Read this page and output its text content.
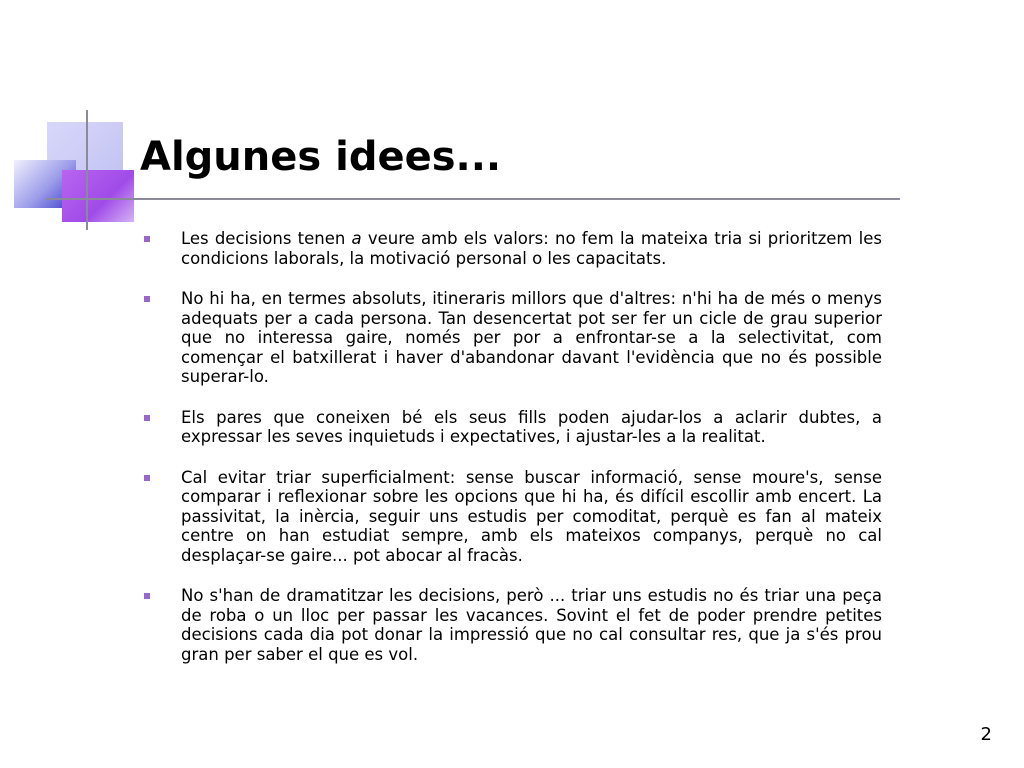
Algunes idees...
Les decisions tenen a veure amb els valors: no fem la mateixa tria si prioritzem les condicions laborals, la motivació personal o les capacitats.
No hi ha, en termes absoluts, itineraris millors que d'altres: n'hi ha de més o menys adequats per a cada persona. Tan desencertat pot ser fer un cicle de grau superior que no interessa gaire, només per por a enfrontar-se a la selectivitat, com començar el batxillerat i haver d'abandonar davant l'evidència que no és possible superar-lo.
Els pares que coneixen bé els seus fills poden ajudar-los a aclarir dubtes, a expressar les seves inquietuds i expectatives, i ajustar-les a la realitat.
Cal evitar triar superficialment: sense buscar informació, sense moure's, sense comparar i reflexionar sobre les opcions que hi ha, és difícil escollir amb encert. La passivitat, la inèrcia, seguir uns estudis per comoditat, perquè es fan al mateix centre on han estudiat sempre, amb els mateixos companys, perquè no cal desplaçar-se gaire... pot abocar al fracàs.
No s'han de dramatitzar les decisions, però ... triar uns estudis no és triar una peça de roba o un lloc per passar les vacances. Sovint el fet de poder prendre petites decisions cada dia pot donar la impressió que no cal consultar res, que ja s'és prou gran per saber el que es vol.
2
